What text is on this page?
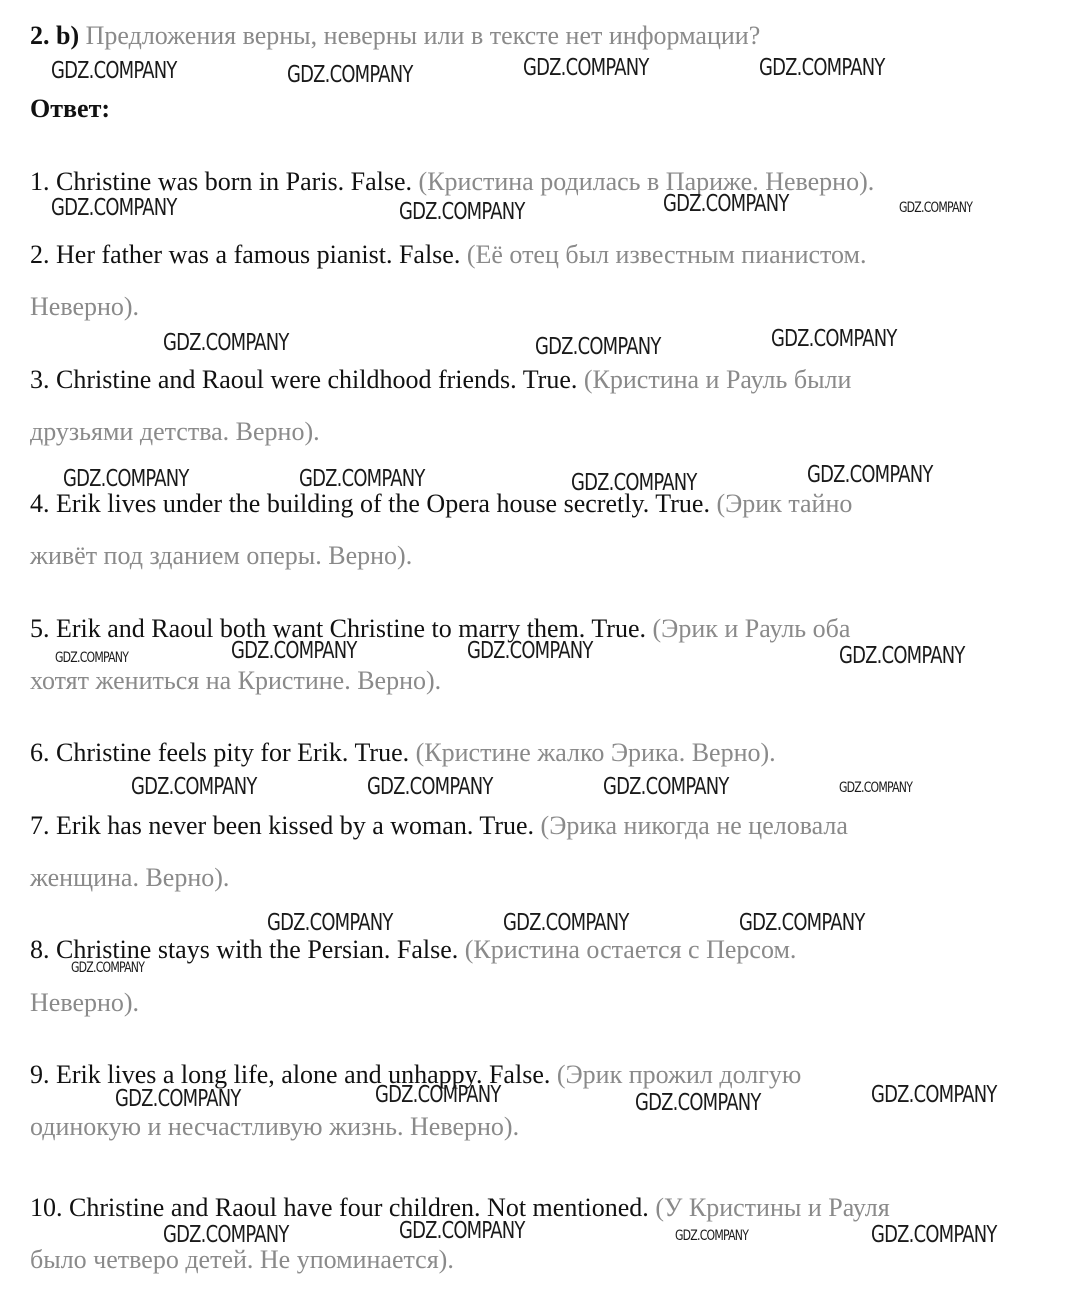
2. b) Предложения верны, неверны или в тексте нет информации?
Ответ:
1. Christine was born in Paris. False. (Кристина родилась в Париже. Неверно).
2. Her father was a famous pianist. False. (Её отец был известным пианистом.
Неверно).
3. Christine and Raoul were childhood friends. True. (Кристина и Рауль были
друзьями детства. Верно).
4. Erik lives under the building of the Opera house secretly. True. (Эрик тайно
живёт под зданием оперы. Верно).
5. Erik and Raoul both want Christine to marry them. True. (Эрик и Рауль оба
хотят жениться на Кристине. Верно).
6. Christine feels pity for Erik. True. (Кристине жалко Эрика. Верно).
7. Erik has never been kissed by a woman. True. (Эрика никогда не целовала
женщина. Верно).
8. Christine stays with the Persian. False. (Кристина остается с Персом.
Неверно).
9. Erik lives a long life, alone and unhappy. False. (Эрик прожил долгую
одинокую и несчастливую жизнь. Неверно).
10. Christine and Raoul have four children. Not mentioned. (У Кристины и Рауля
было четверо детей. Не упоминается).
GDZ.COMPANY	GDZ.COMPANY	GDZ.COMPANY	GDZ.COMPANY
GDZ.COMPANY	GDZ.COMPANY	GDZ.COMPANY	GDZ.COMPANY
GDZ.COMPANY	GDZ.COMPANY	GDZ.COMPANY
GDZ.COMPANY	GDZ.COMPANY	GDZ.COMPANY	GDZ.COMPANY
GDZ.COMPANY	GDZ.COMPANY	GDZ.COMPANY	GDZ.COMPANY
GDZ.COMPANY	GDZ.COMPANY	GDZ.COMPANY	GDZ.COMPANY
GDZ.COMPANY	GDZ.COMPANY	GDZ.COMPANY
GDZ.COMPANY
GDZ.COMPANY	GDZ.COMPANY	GDZ.COMPANY	GDZ.COMPANY
GDZ.COMPANY	GDZ.COMPANY	GDZ.COMPANY	GDZ.COMPANY
